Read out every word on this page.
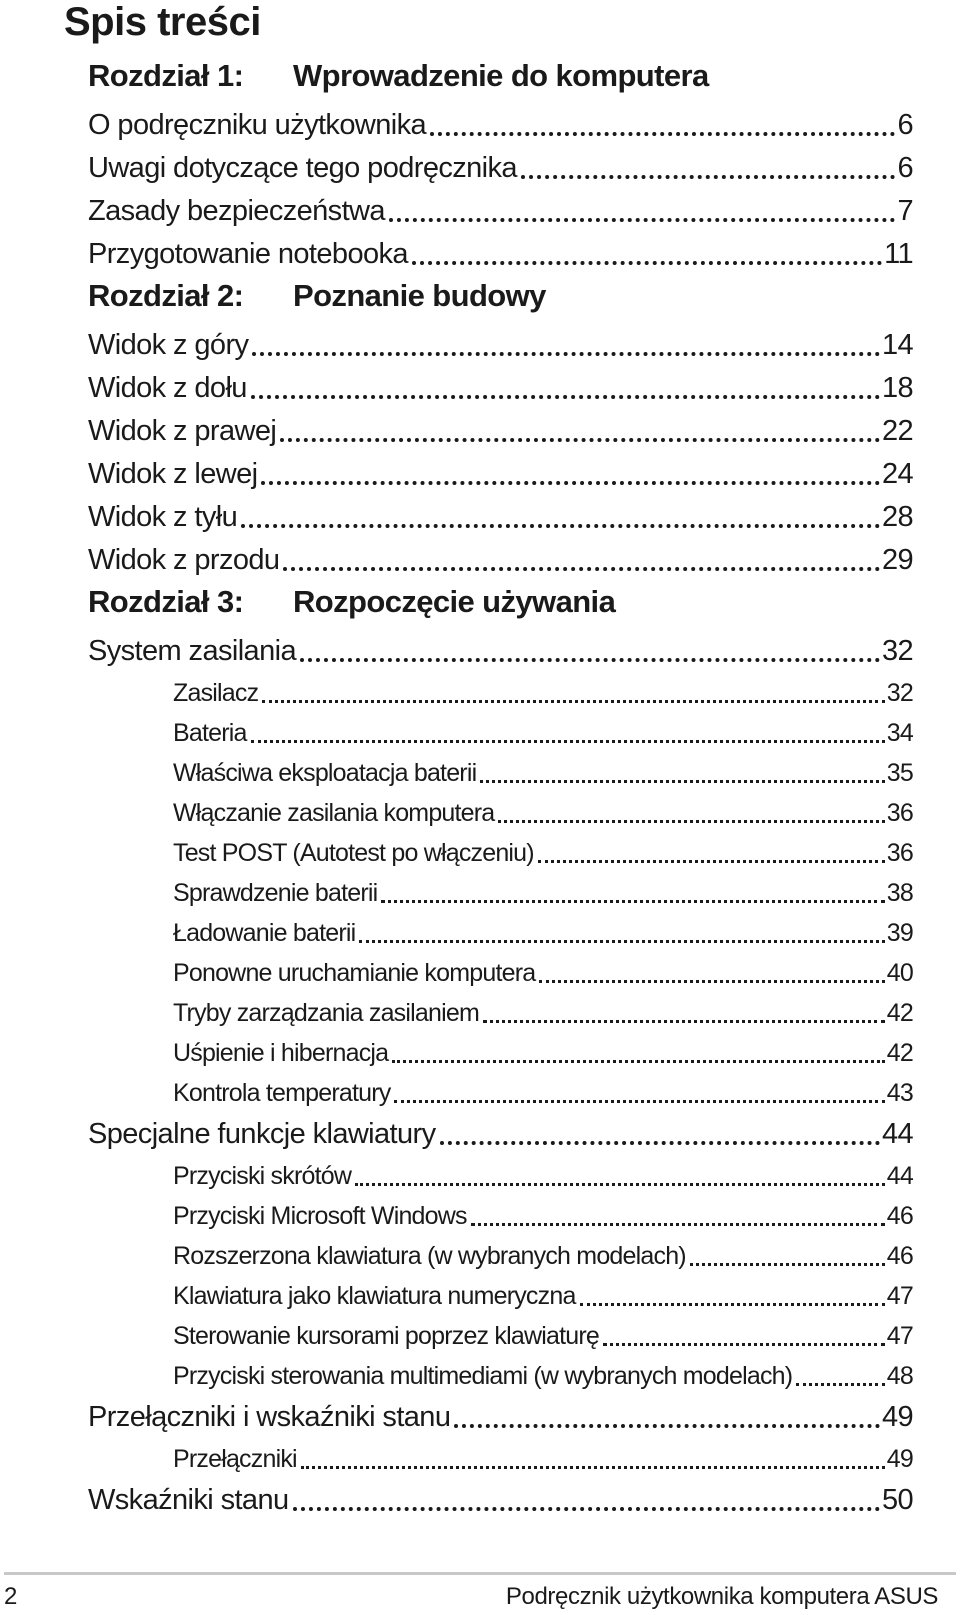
Spis treści
Rozdział 1:	Wprowadzenie do komputera
O podręczniku użytkownika	6
Uwagi dotyczące tego podręcznika	6
Zasady bezpieczeństwa	7
Przygotowanie notebooka	11
Rozdział 2:	Poznanie budowy
Widok z góry	14
Widok z dołu	18
Widok z prawej	22
Widok z lewej	24
Widok z tyłu	28
Widok z przodu	29
Rozdział 3:	Rozpoczęcie używania
System zasilania	32
Zasilacz	32
Bateria	34
Właściwa eksploatacja baterii	35
Włączanie zasilania komputera	36
Test POST (Autotest po włączeniu)	36
Sprawdzenie baterii	38
Ładowanie baterii	39
Ponowne uruchamianie komputera	40
Tryby zarządzania zasilaniem	42
Uśpienie i hibernacja	42
Kontrola temperatury	43
Specjalne funkcje klawiatury	44
Przyciski skrótów	44
Przyciski Microsoft Windows	46
Rozszerzona klawiatura (w wybranych modelach)	46
Klawiatura jako klawiatura numeryczna	47
Sterowanie kursorami poprzez klawiaturę	47
Przyciski sterowania multimediami (w wybranych modelach)	48
Przełączniki i wskaźniki stanu	49
Przełączniki	49
Wskaźniki stanu	50
2	Podręcznik użytkownika komputera ASUS
